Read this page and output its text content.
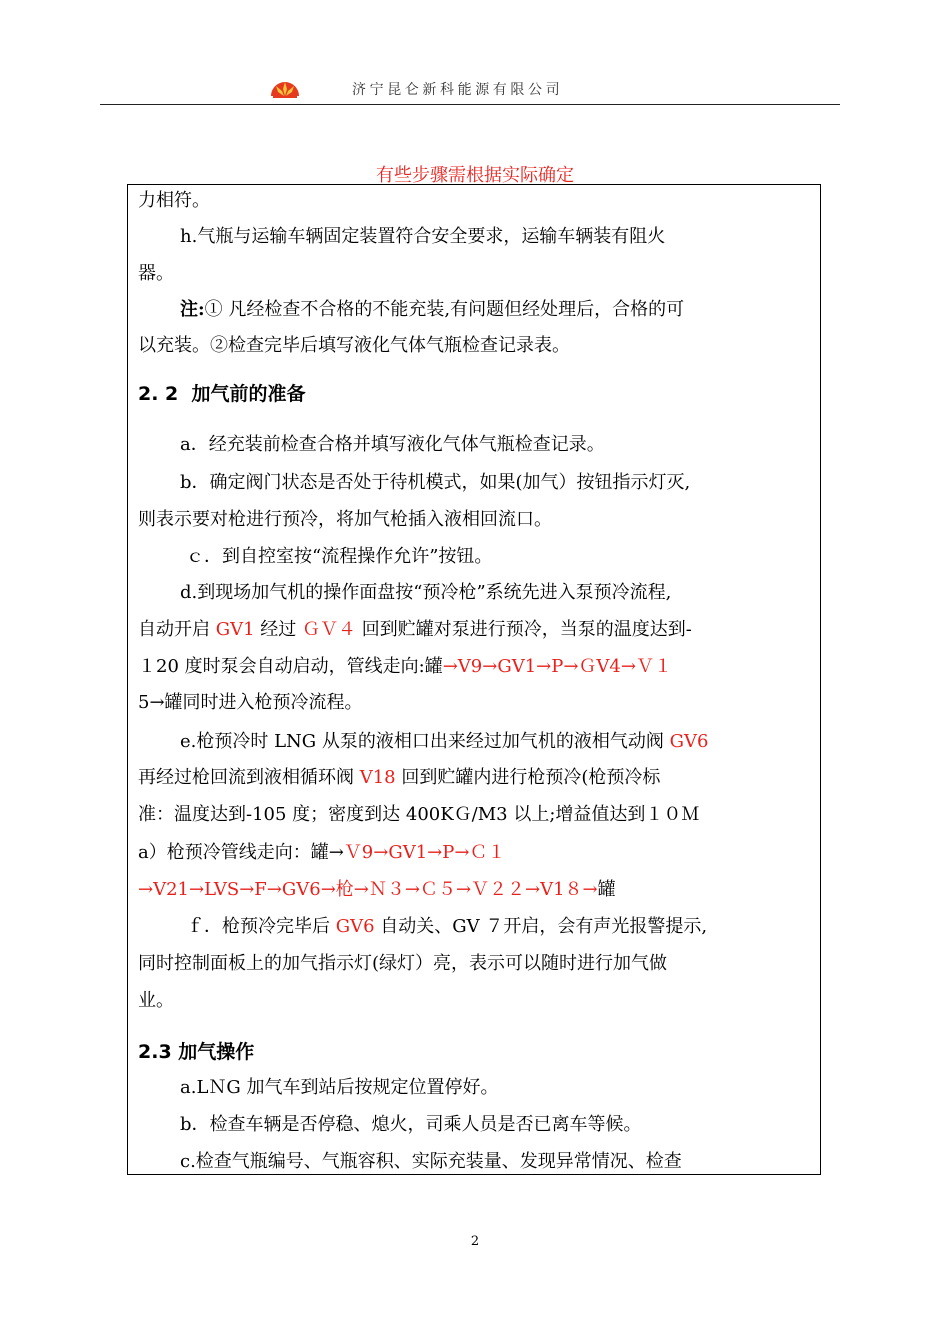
济宁昆仑新科能源有限公司
有些步骤需根据实际确定
力相符。
h.气瓶与运输车辆固定装置符合安全要求，运输车辆装有阻火
器。
注:① 凡经检查不合格的不能充装,有问题但经处理后，合格的可
以充装。②检查完毕后填写液化气体气瓶检查记录表。
2. 2  加气前的准备
a．经充装前检查合格并填写液化气体气瓶检查记录。
b．确定阀门状态是否处于待机模式，如果(加气）按钮指示灯灭,
则表示要对枪进行预冷，将加气枪插入液相回流口。
ｃ．到自控室按“流程操作允许”按钮。
d.到现场加气机的操作面盘按“预冷枪”系统先进入泵预冷流程,
自动开启 GV1 经过 ＧＶ４ 回到贮罐对泵进行预冷，当泵的温度达到-
１20 度时泵会自动启动，管线走向:罐→V9→GV1→P→ＧV4→Ｖ１
5→罐同时进入枪预冷流程。
e.枪预冷时 LNG 从泵的液相口出来经过加气机的液相气动阀 GV6
再经过枪回流到液相循环阀 V18 回到贮罐内进行枪预冷(枪预冷标
准：温度达到-105 度；密度到达 400KＧ/M3 以上;增益值达到１０Ｍ
a）枪预冷管线走向：罐→Ｖ9→GV1→P→Ｃ１
→V21→LVS→F→GV6→枪→Ｎ３→Ｃ５→Ｖ２２→V1８→罐
ｆ．枪预冷完毕后 GV6 自动关、GV ７开启，会有声光报警提示,
同时控制面板上的加气指示灯(绿灯）亮，表示可以随时进行加气做
业。
2.3 加气操作
a.LＮG 加气车到站后按规定位置停好。
b．检查车辆是否停稳、熄火，司乘人员是否已离车等候。
c.检查气瓶编号、气瓶容积、实际充装量、发现异常情况、检查
2
